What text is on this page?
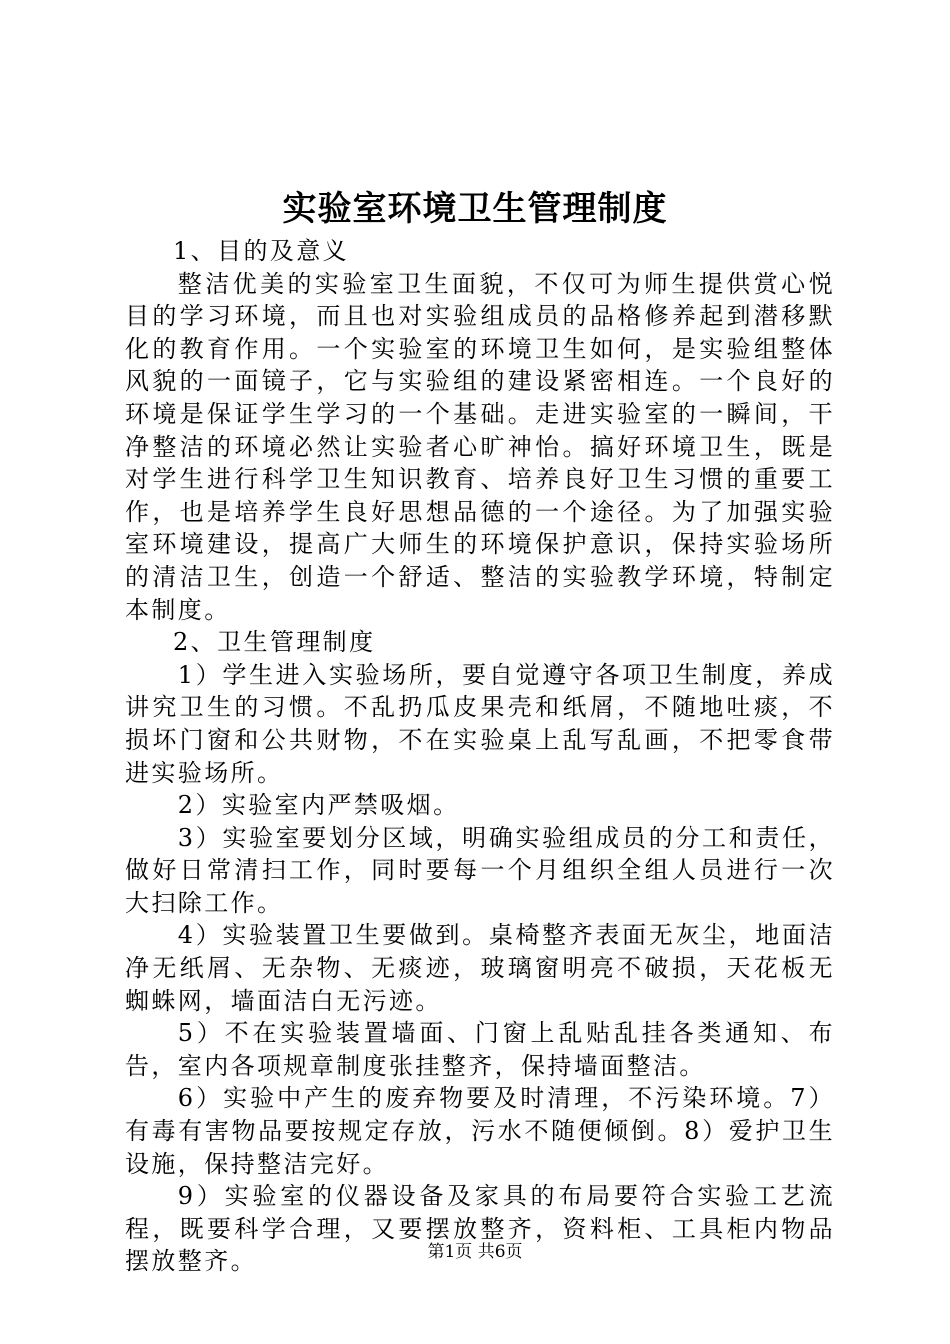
实验室环境卫生管理制度

1、目的及意义

整洁优美的实验室卫生面貌，不仅可为师生提供赏心悦目的学习环境，而且也对实验组成员的品格修养起到潜移默化的教育作用。一个实验室的环境卫生如何，是实验组整体风貌的一面镜子，它与实验组的建设紧密相连。一个良好的环境是保证学生学习的一个基础。走进实验室的一瞬间，干净整洁的环境必然让实验者心旷神怡。搞好环境卫生，既是对学生进行科学卫生知识教育、培养良好卫生习惯的重要工作，也是培养学生良好思想品德的一个途径。为了加强实验室环境建设，提高广大师生的环境保护意识，保持实验场所的清洁卫生，创造一个舒适、整洁的实验教学环境，特制定本制度。

2、卫生管理制度

1）学生进入实验场所，要自觉遵守各项卫生制度，养成讲究卫生的习惯。不乱扔瓜皮果壳和纸屑，不随地吐痰，不损坏门窗和公共财物，不在实验桌上乱写乱画，不把零食带进实验场所。

2）实验室内严禁吸烟。

3）实验室要划分区域，明确实验组成员的分工和责任，做好日常清扫工作，同时要每一个月组织全组人员进行一次大扫除工作。

4）实验装置卫生要做到。桌椅整齐表面无灰尘，地面洁净无纸屑、无杂物、无痰迹，玻璃窗明亮不破损，天花板无蜘蛛网，墙面洁白无污迹。

5）不在实验装置墙面、门窗上乱贴乱挂各类通知、布告，室内各项规章制度张挂整齐，保持墙面整洁。

6）实验中产生的废弃物要及时清理，不污染环境。7）有毒有害物品要按规定存放，污水不随便倾倒。8）爱护卫生设施，保持整洁完好。

9）实验室的仪器设备及家具的布局要符合实验工艺流程，既要科学合理，又要摆放整齐，资料柜、工具柜内物品摆放整齐。	第1页 共6页
